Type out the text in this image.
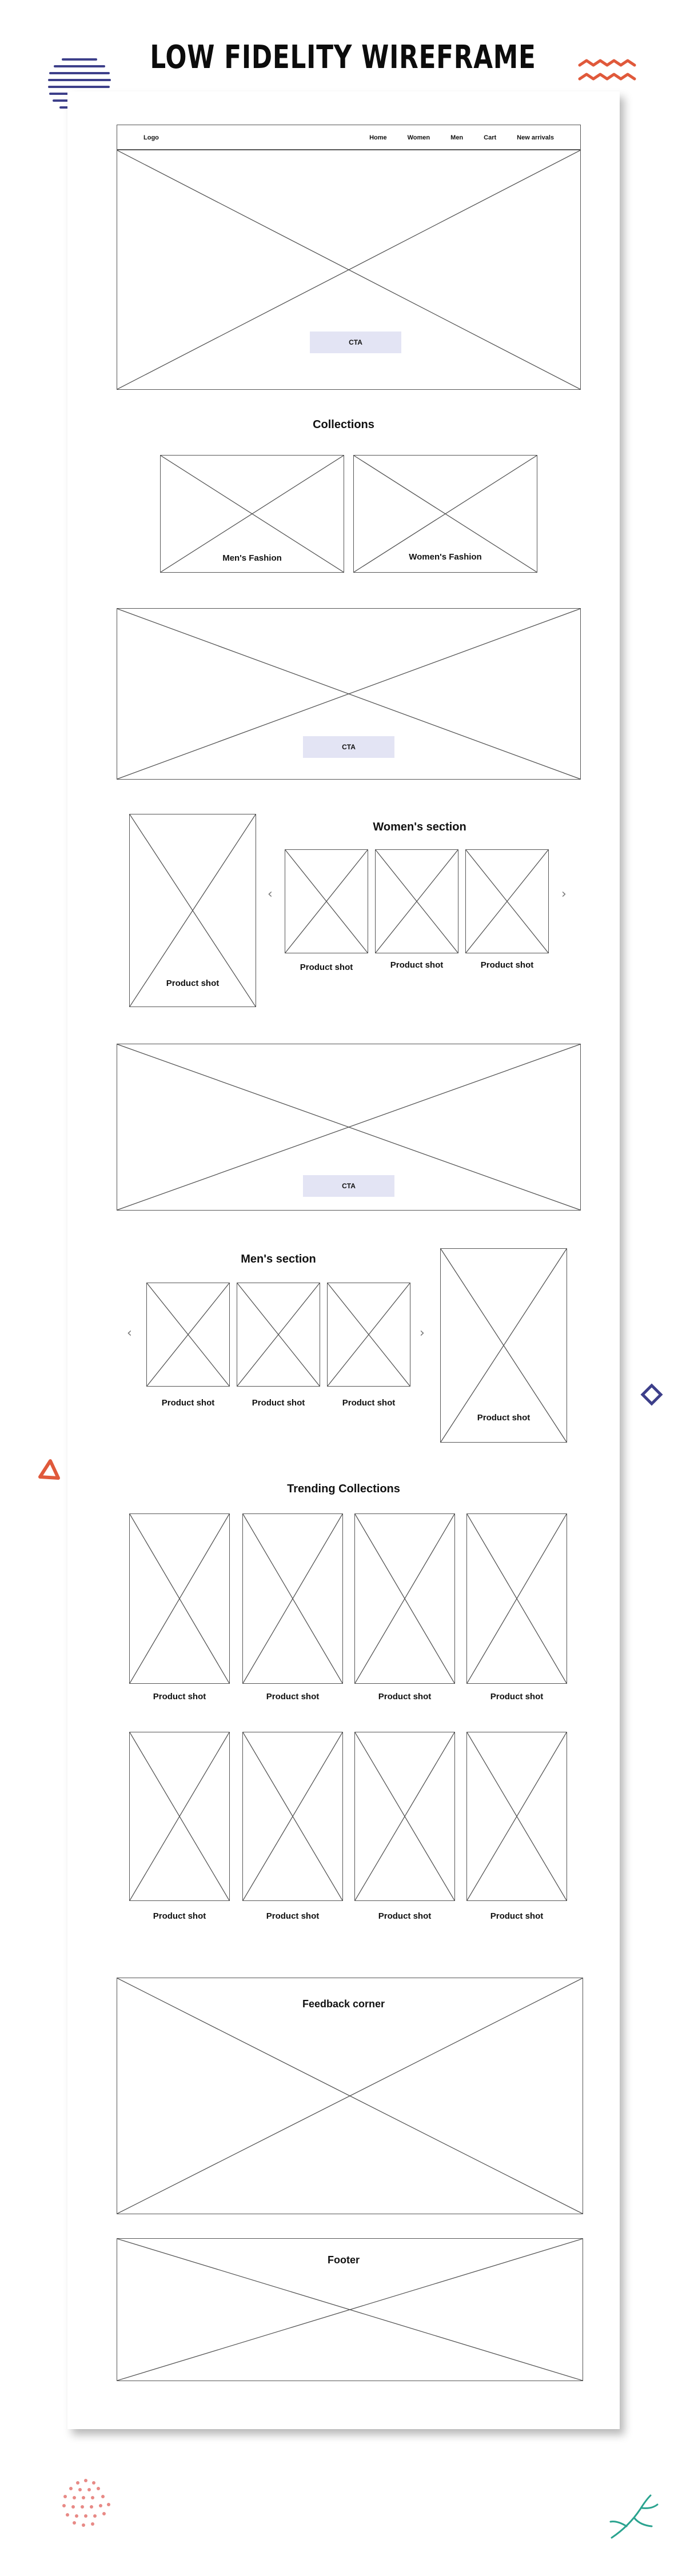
LOW FIDELITY WIREFRAME
Logo	Home	Women	Men	Cart	New arrivals
CTA
Collections
Men's Fashion	Women's Fashion
CTA
Product shot
Women's section
‹
Product shot	Product shot	Product shot
›
CTA
Men's section
‹
Product shot	Product shot	Product shot
›
Product shot
Trending Collections
Product shot	Product shot	Product shot	Product shot
Product shot	Product shot	Product shot	Product shot
Feedback corner
Footer
